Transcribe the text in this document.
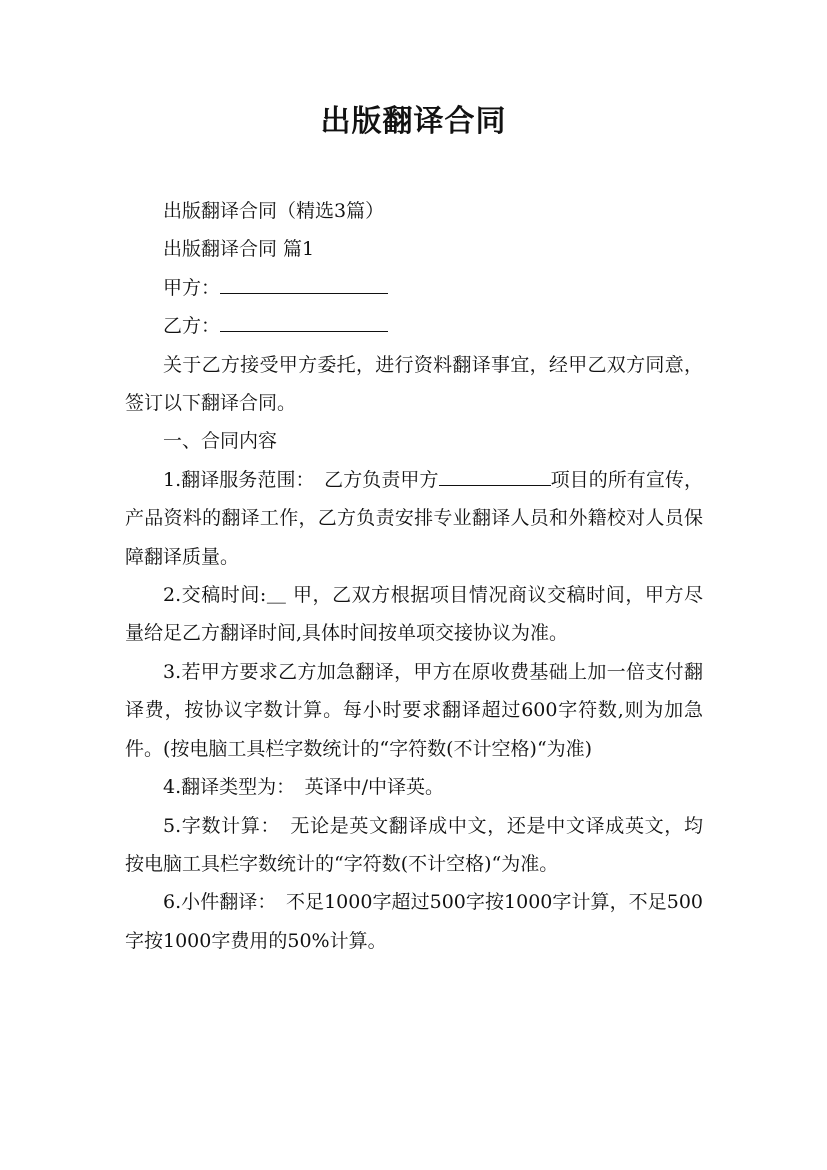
出版翻译合同

出版翻译合同（精选3篇）

出版翻译合同 篇1

甲方：

乙方：

关于乙方接受甲方委托，进行资料翻译事宜，经甲乙双方同意，签订以下翻译合同。

一、合同内容

1.翻译服务范围：　乙方负责甲方	项目的所有宣传，产品资料的翻译工作，乙方负责安排专业翻译人员和外籍校对人员保障翻译质量。

2.交稿时间:＿ 甲，乙双方根据项目情况商议交稿时间，甲方尽量给足乙方翻译时间,具体时间按单项交接协议为准。

3.若甲方要求乙方加急翻译，甲方在原收费基础上加一倍支付翻译费，按协议字数计算。每小时要求翻译超过600字符数,则为加急件。(按电脑工具栏字数统计的“字符数(不计空格)“为准)

4.翻译类型为：　英译中/中译英。

5.字数计算：　无论是英文翻译成中文，还是中文译成英文，均按电脑工具栏字数统计的“字符数(不计空格)“为准。

6.小件翻译：　不足1000字超过500字按1000字计算，不足500字按1000字费用的50%计算。
